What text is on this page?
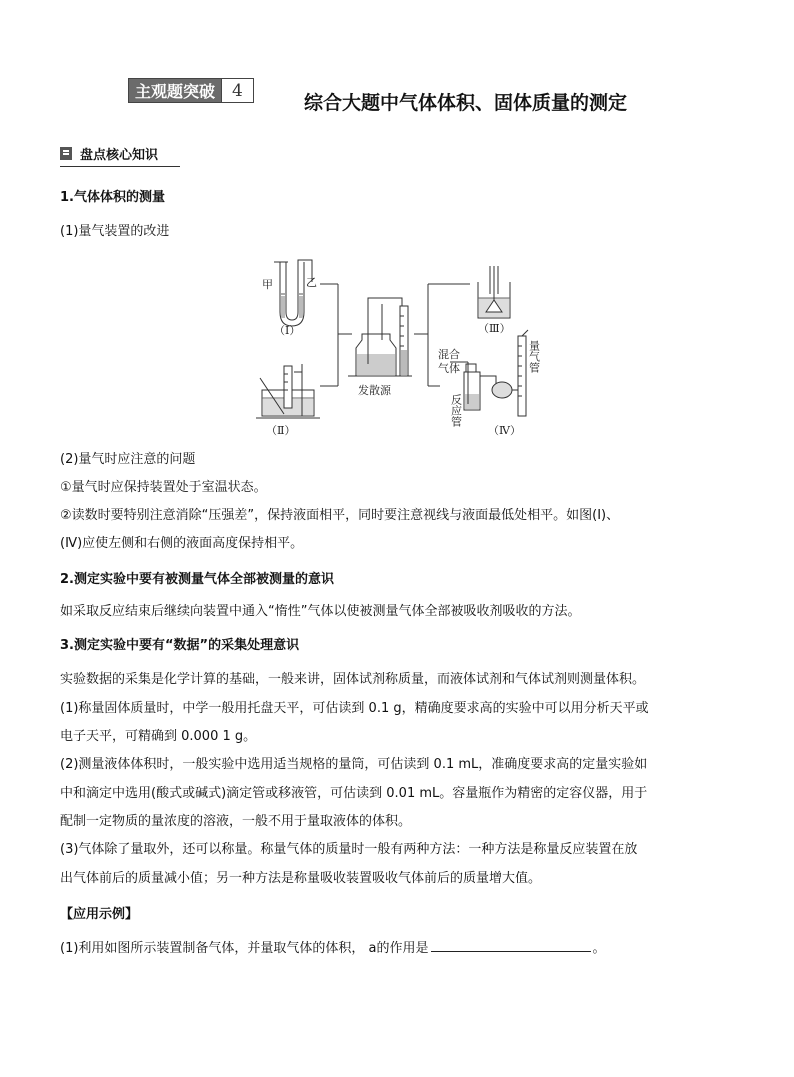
主观题突破	4
综合大题中气体体积、固体质量的测定
盘点核心知识
1.气体体积的测量
(1)量气装置的改进
甲	乙
（Ⅰ）
（Ⅱ）
（Ⅲ）
（Ⅳ）
发散源
混合
气体
反应管
量气管
(2)量气时应注意的问题
①量气时应保持装置处于室温状态。
②读数时要特别注意消除“压强差”，保持液面相平，同时要注意视线与液面最低处相平。如图(Ⅰ)、
(Ⅳ)应使左侧和右侧的液面高度保持相平。
2.测定实验中要有被测量气体全部被测量的意识
如采取反应结束后继续向装置中通入“惰性”气体以使被测量气体全部被吸收剂吸收的方法。
3.测定实验中要有“数据”的采集处理意识
实验数据的采集是化学计算的基础，一般来讲，固体试剂称质量，而液体试剂和气体试剂则测量体积。
(1)称量固体质量时，中学一般用托盘天平，可估读到 0.1 g，精确度要求高的实验中可以用分析天平或
电子天平，可精确到 0.000 1 g。
(2)测量液体体积时，一般实验中选用适当规格的量筒，可估读到 0.1 mL，准确度要求高的定量实验如
中和滴定中选用(酸式或碱式)滴定管或移液管，可估读到 0.01 mL。容量瓶作为精密的定容仪器，用于
配制一定物质的量浓度的溶液，一般不用于量取液体的体积。
(3)气体除了量取外，还可以称量。称量气体的质量时一般有两种方法：一种方法是称量反应装置在放
出气体前后的质量减小值；另一种方法是称量吸收装置吸收气体前后的质量增大值。
【应用示例】
(1)利用如图所示装置制备气体，并量取气体的体积， a的作用是	。
